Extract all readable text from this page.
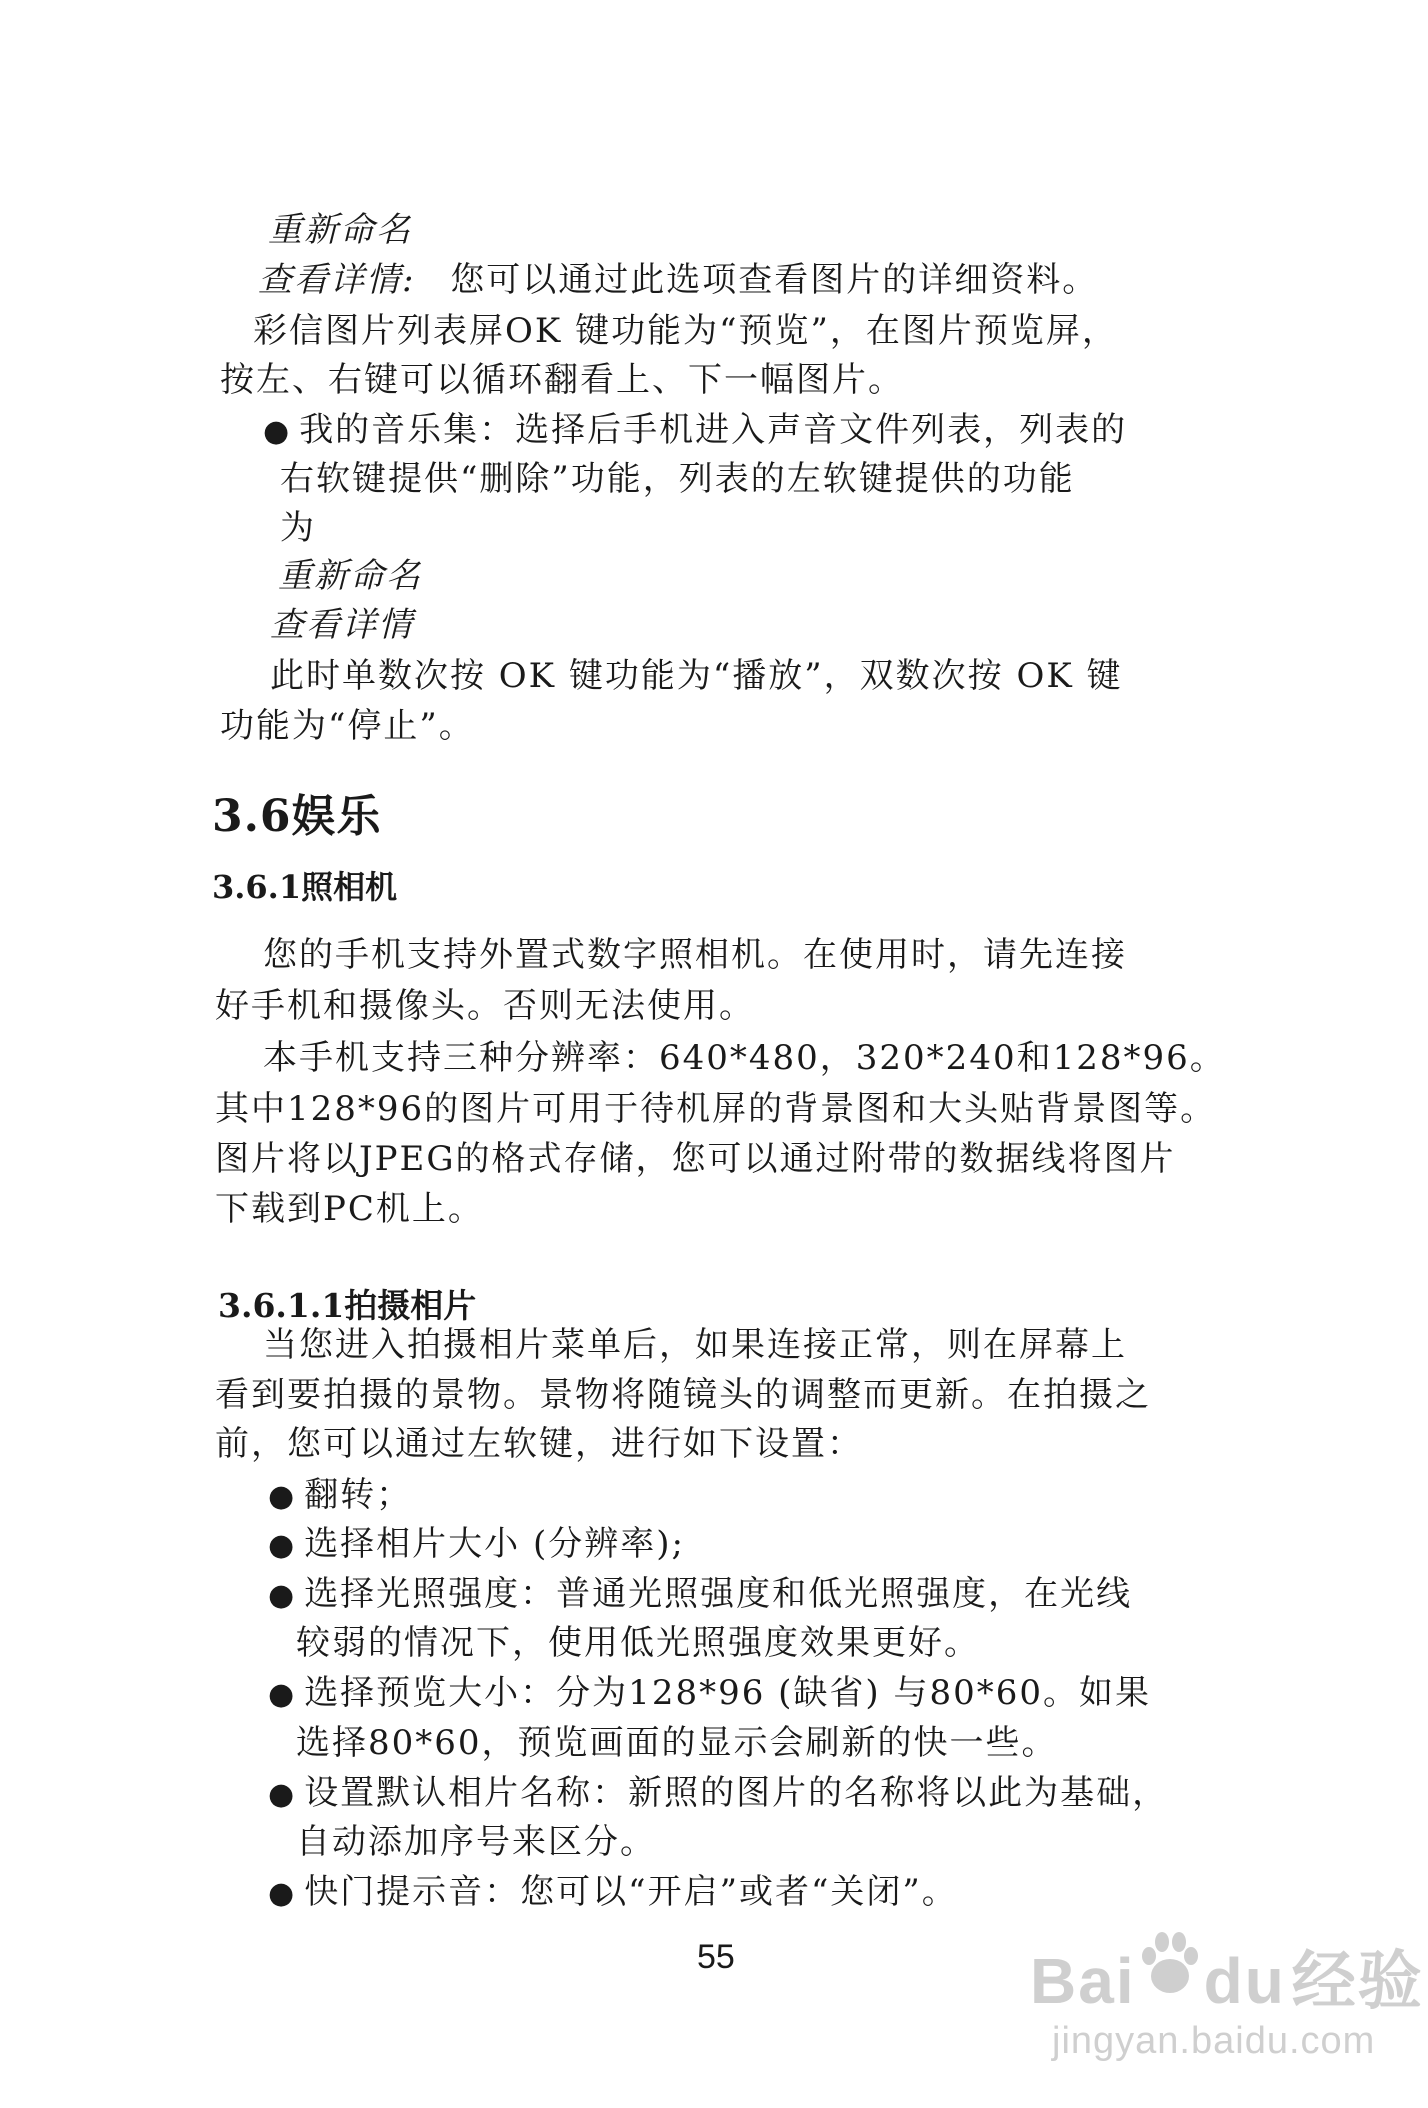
重新命名
查看详情: 您可以通过此选项查看图片的详细资料。
彩信图片列表屏OK 键功能为“预览”，在图片预览屏，
按左、右键可以循环翻看上、下一幅图片。
● 我的音乐集：选择后手机进入声音文件列表，列表的
右软键提供“删除”功能，列表的左软键提供的功能
为
重新命名
查看详情
此时单数次按 OK 键功能为“播放”，双数次按 OK 键
功能为“停止”。
3.6娱乐
3.6.1照相机
您的手机支持外置式数字照相机。在使用时，请先连接
好手机和摄像头。否则无法使用。
本手机支持三种分辨率：640*480，320*240和128*96。
其中128*96的图片可用于待机屏的背景图和大头贴背景图等。
图片将以JPEG的格式存储，您可以通过附带的数据线将图片
下载到PC机上。
3.6.1.1拍摄相片
当您进入拍摄相片菜单后，如果连接正常，则在屏幕上
看到要拍摄的景物。景物将随镜头的调整而更新。在拍摄之
前，您可以通过左软键，进行如下设置：
● 翻转；
● 选择相片大小 (分辨率);
● 选择光照强度：普通光照强度和低光照强度，在光线
较弱的情况下，使用低光照强度效果更好。
● 选择预览大小：分为128*96 (缺省) 与80*60。如果
选择80*60，预览画面的显示会刷新的快一些。
● 设置默认相片名称：新照的图片的名称将以此为基础，
自动添加序号来区分。
● 快门提示音：您可以“开启”或者“关闭”。
55	Bai du经验
jingyan.baidu.com
